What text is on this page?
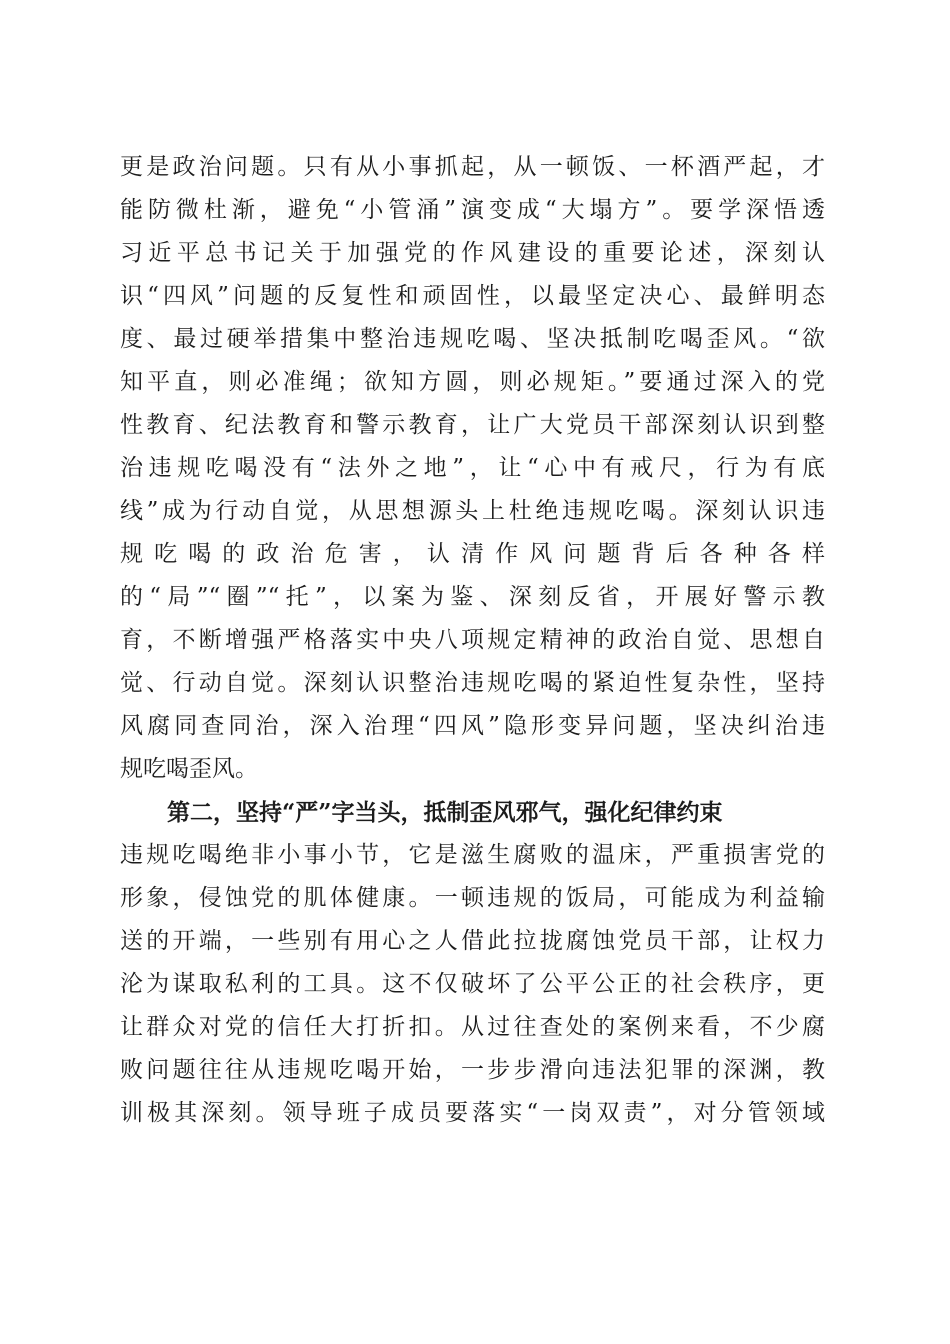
更是政治问题。只有从小事抓起，从一顿饭、一杯酒严起，才
能防微杜渐，避免“小管涌”演变成“大塌方”。要学深悟透
习近平总书记关于加强党的作风建设的重要论述，深刻认
识“四风”问题的反复性和顽固性，以最坚定决心、最鲜明态
度、最过硬举措集中整治违规吃喝、坚决抵制吃喝歪风。“欲
知平直，则必准绳；欲知方圆，则必规矩。”要通过深入的党
性教育、纪法教育和警示教育，让广大党员干部深刻认识到整
治违规吃喝没有“法外之地”，让“心中有戒尺，行为有底
线”成为行动自觉，从思想源头上杜绝违规吃喝。深刻认识违
规吃喝的政治危害，认清作风问题背后各种各样
的“局”“圈”“托”，以案为鉴、深刻反省，开展好警示教
育，不断增强严格落实中央八项规定精神的政治自觉、思想自
觉、行动自觉。深刻认识整治违规吃喝的紧迫性复杂性，坚持
风腐同查同治，深入治理“四风”隐形变异问题，坚决纠治违
规吃喝歪风。
第二，坚持“严”字当头，抵制歪风邪气，强化纪律约束
违规吃喝绝非小事小节，它是滋生腐败的温床，严重损害党的
形象，侵蚀党的肌体健康。一顿违规的饭局，可能成为利益输
送的开端，一些别有用心之人借此拉拢腐蚀党员干部，让权力
沦为谋取私利的工具。这不仅破坏了公平公正的社会秩序，更
让群众对党的信任大打折扣。从过往查处的案例来看，不少腐
败问题往往从违规吃喝开始，一步步滑向违法犯罪的深渊，教
训极其深刻。领导班子成员要落实“一岗双责”，对分管领域
